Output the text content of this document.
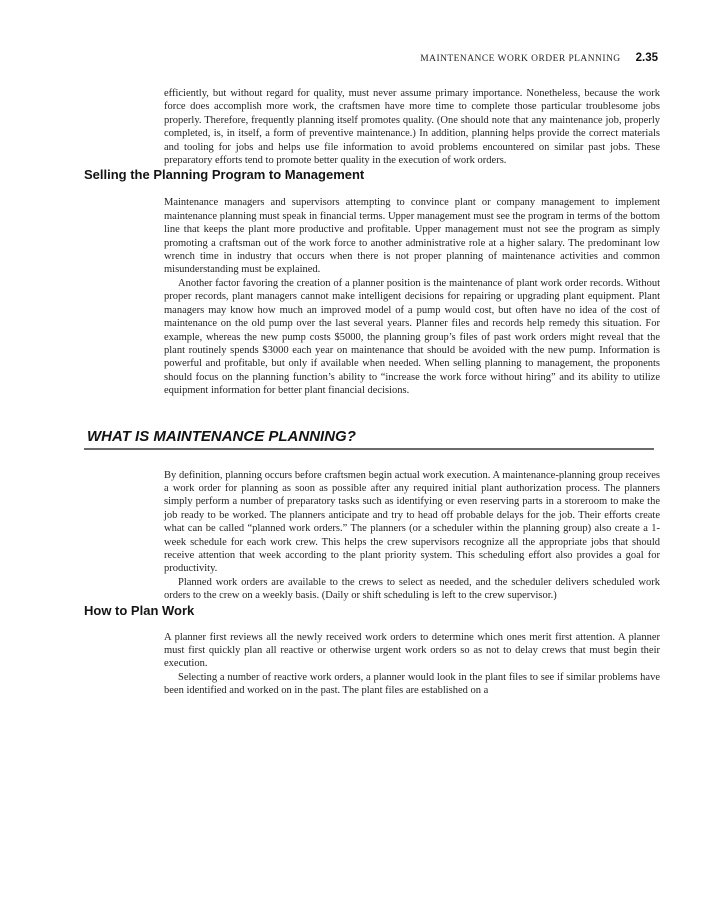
MAINTENANCE WORK ORDER PLANNING 2.35

efficiently, but without regard for quality, must never assume primary importance. Nonetheless, because the work force does accomplish more work, the craftsmen have more time to complete those particular troublesome jobs properly. Therefore, frequently planning itself promotes quality. (One should note that any maintenance job, properly completed, is, in itself, a form of preventive maintenance.) In addition, planning helps provide the correct materials and tooling for jobs and helps use file information to avoid problems encountered on similar past jobs. These preparatory efforts tend to promote better quality in the execution of work orders.

Selling the Planning Program to Management

Maintenance managers and supervisors attempting to convince plant or company management to implement maintenance planning must speak in financial terms. Upper management must see the program in terms of the bottom line that keeps the plant more productive and profitable. Upper management must not see the program as simply promoting a craftsman out of the work force to another administrative role at a higher salary. The predominant low wrench time in industry that occurs when there is not proper planning of maintenance activities and common misunderstanding must be explained.

Another factor favoring the creation of a planner position is the maintenance of plant work order records. Without proper records, plant managers cannot make intelligent decisions for repairing or upgrading plant equipment. Plant managers may know how much an improved model of a pump would cost, but often have no idea of the cost of maintenance on the old pump over the last several years. Planner files and records help remedy this situation. For example, whereas the new pump costs $5000, the planning group’s files of past work orders might reveal that the plant routinely spends $3000 each year on maintenance that should be avoided with the new pump. Information is powerful and profitable, but only if available when needed. When selling planning to management, the proponents should focus on the planning function’s ability to “increase the work force without hiring” and its ability to utilize equipment information for better plant financial decisions.

WHAT IS MAINTENANCE PLANNING?

By definition, planning occurs before craftsmen begin actual work execution. A maintenance-planning group receives a work order for planning as soon as possible after any required initial plant authorization process. The planners simply perform a number of preparatory tasks such as identifying or even reserving parts in a storeroom to make the job ready to be worked. The planners anticipate and try to head off probable delays for the job. Their efforts create what can be called “planned work orders.” The planners (or a scheduler within the planning group) also create a 1-week schedule for each work crew. This helps the crew supervisors recognize all the appropriate jobs that should receive attention that week according to the plant priority system. This scheduling effort also provides a goal for productivity.

Planned work orders are available to the crews to select as needed, and the scheduler delivers scheduled work orders to the crew on a weekly basis. (Daily or shift scheduling is left to the crew supervisor.)

How to Plan Work

A planner first reviews all the newly received work orders to determine which ones merit first attention. A planner must first quickly plan all reactive or otherwise urgent work orders so as not to delay crews that must begin their execution.

Selecting a number of reactive work orders, a planner would look in the plant files to see if similar problems have been identified and worked on in the past. The plant files are established on a
